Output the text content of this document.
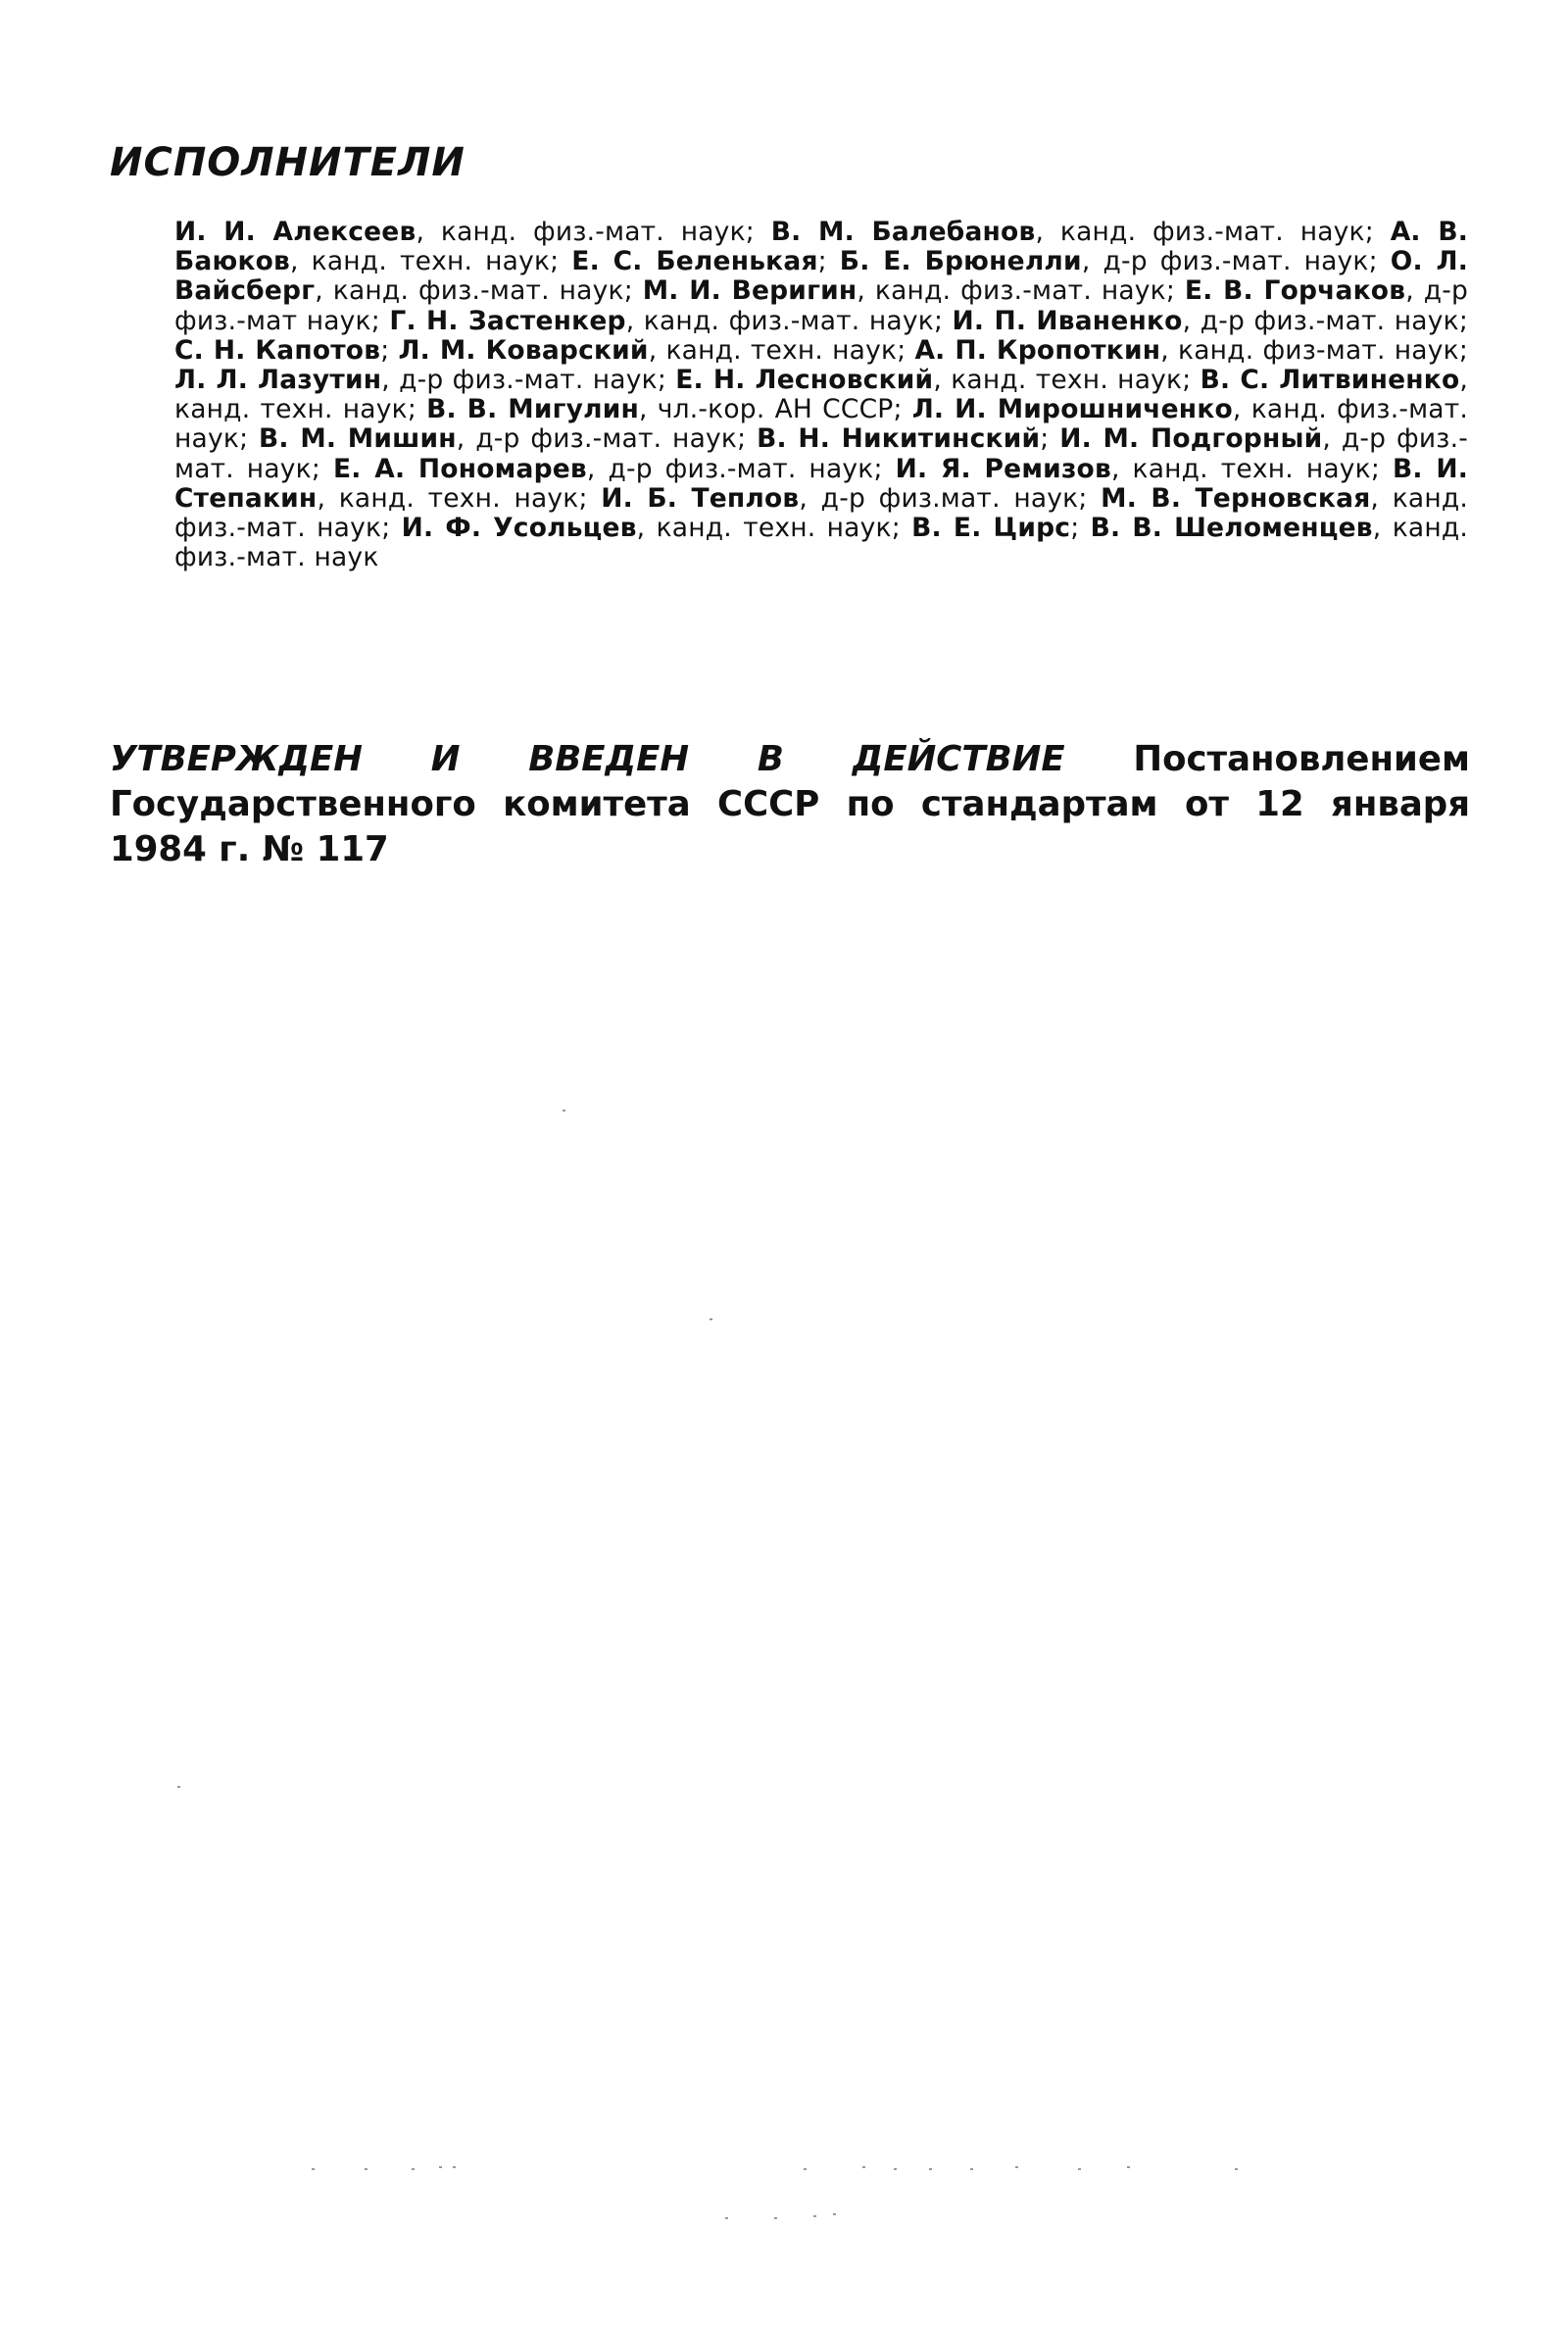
ИСПОЛНИТЕЛИ

И. И. Алексеев, канд. физ.-мат. наук; В. М. Балебанов, канд. физ.-мат. наук; А. В. Баюков, канд. техн. наук; Е. С. Беленькая; Б. Е. Брюнелли, д-р физ.-мат. наук; О. Л. Вайсберг, канд. физ.-мат. наук; М. И. Веригин, канд. физ.-мат. наук; Е. В. Горчаков, д-р физ.-мат наук; Г. Н. Застенкер, канд. физ.-мат. наук; И. П. Иваненко, д-р физ.-мат. наук; С. Н. Капотов; Л. М. Коварский, канд. техн. наук; А. П. Кропоткин, канд. физ-мат. наук; Л. Л. Лазутин, д-р физ.-мат. наук; Е. Н. Лесновский, канд. техн. наук; В. С. Литвиненко, канд. техн. наук; В. В. Мигулин, чл.-кор. АН СССР; Л. И. Мирошниченко, канд. физ.-мат. наук; В. М. Мишин, д-р физ.-мат. наук; В. Н. Никитинский; И. М. Подгорный, д-р физ.-мат. наук; Е. А. Пономарев, д-р физ.-мат. наук; И. Я. Ремизов, канд. техн. наук; В. И. Степакин, канд. техн. наук; И. Б. Теплов, д-р физ.мат. наук; М. В. Терновская, канд. физ.-мат. наук; И. Ф. Усольцев, канд. техн. наук; В. Е. Цирс; В. В. Шеломенцев, канд. физ.-мат. наук

УТВЕРЖДЕН И ВВЕДЕН В ДЕЙСТВИЕ Постановлением Государственного комитета СССР по стандартам от 12 января 1984 г. № 117
